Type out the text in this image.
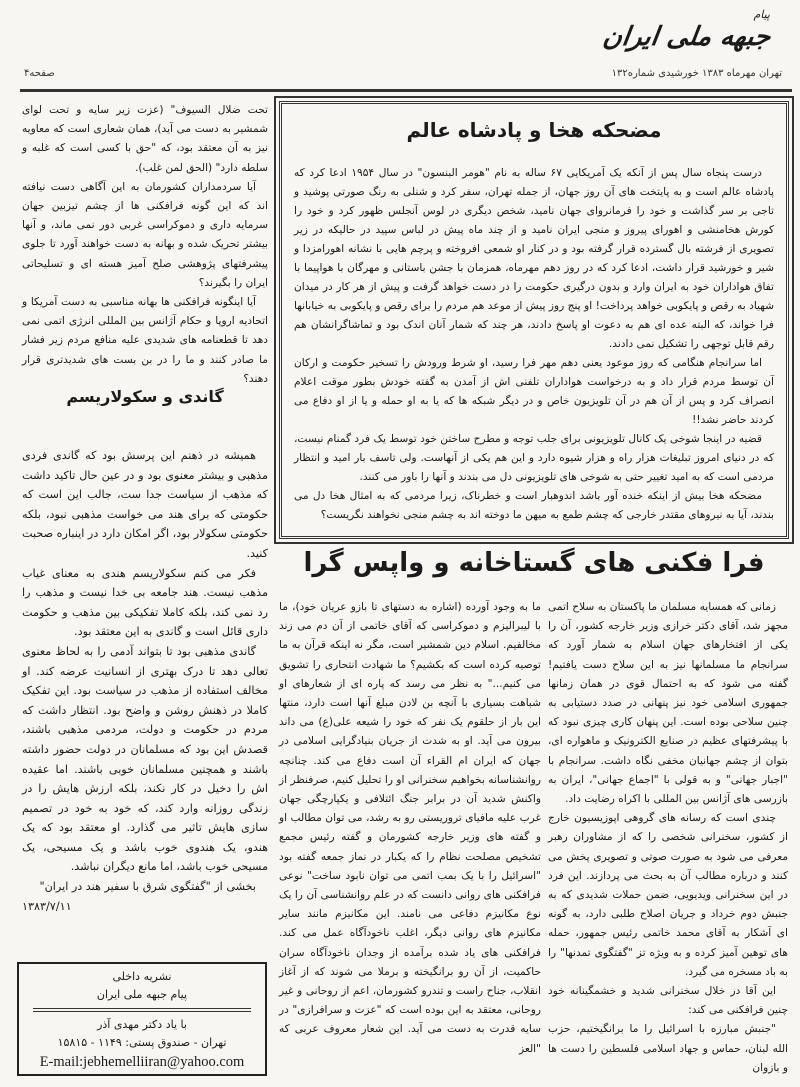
پیام
جبهه ملی ایران
تهران مهرماه ۱۳۸۳ خورشیدی شماره۱۳۲
صفحه۴
مضحکه هخا و پادشاه عالم

درست پنجاه سال پس از آنکه یک آمریکایی ۶۷ ساله به نام "هومر البنسون" در سال ۱۹۵۴ ادعا کرد که پادشاه عالم است و به پایتخت های آن روز جهان، از جمله تهران، سفر کرد و شنلی به رنگ صورتی پوشید و تاجی بر سر گذاشت و خود را فرمانروای جهان نامید، شخص دیگری در لوس آنجلس ظهور کرد و خود را کورش هخامنشی و اهورای پیروز و منجی ایران نامید و از چند ماه پیش در لباس سپید در حالیکه در زیر تصویری از فرشته بال گسترده قرار گرفته بود و در کنار او شمعی افروخته و پرچم هایی با نشانه اهورامزدا و شیر و خورشید قرار داشت، ادعا کرد که در روز دهم مهرماه، همزمان با جشن باستانی و مهرگان با هواپیما با تفاق هواداران خود به ایران وارد و بدون درگیری حکومت را در دست خواهد گرفت و پیش از هر کار در میدان شهیاد به رقص و پایکوبی خواهد پرداخت! او پنج روز پیش از موعد هم مردم را برای رقص و پایکوبی به خیابانها فرا خواند، که البته عده ای هم به دعوت او پاسخ دادند، هر چند که شمار آنان اندک بود و تماشاگرانشان هم رقم قابل توجهی را تشکیل نمی دادند.

اما سرانجام هنگامی که روز موعود یعنی دهم مهر فرا رسید، او شرط ورودش را تسخیر حکومت و ارکان آن توسط مردم قرار داد و به درخواست هواداران تلفنی اش از آمدن به گفته خودش بطور موقت اعلام انصراف کرد و پس از آن هم در آن تلویزیون خاص و در دیگر شبکه ها که یا به او حمله و یا از او دفاع می کردند حاضر نشد!!

قضیه در اینجا شوخی یک کانال تلویزیونی برای جلب توجه و مطرح ساختن خود توسط یک فرد گمنام نیست، که در دنیای امروز تبلیغات هزار راه و هزار شیوه دارد و این هم یکی از آنهاست. ولی تاسف بار امید و انتظار مردمی است که به امید تغییر حتی به شوخی های تلویزیونی دل می بندند و آنها را باور می کنند.

مضحکه هخا بیش از اینکه خنده آور باشد اندوهبار است و خطرناک، زیرا مردمی که به امثال هخا دل می بندند، آیا به نیروهای مقتدر خارجی که چشم طمع به میهن ما دوخته اند به چشم منجی نخواهند نگریست؟

فرا فکنی های گستاخانه و واپس گرا

زمانی که همسایه مسلمان ما پاکستان به سلاح اتمی مجهز شد، آقای دکتر خرازی وزیر خارجه کشور، آن را یکی از افتخارهای جهان اسلام به شمار آورد که سرانجام ما مسلمانها نیز به این سلاح دست یافتیم! گفته می شود که به احتمال قوی در همان زمانها جمهوری اسلامی خود نیز پنهانی در صدد دستیابی به چنین سلاحی بوده است. این پنهان کاری چیزی نبود که با پیشرفتهای عظیم در صنایع الکترونیک و ماهواره ای، بتوان از چشم جهانیان مخفی نگاه داشت. سرانجام با "اجبار جهانی" و به قولی با "اجماع جهانی"، ایران به بازرسی های آژانس بین المللی با اکراه رضایت داد.

چندی است که رسانه های گروهی اپوزیسیون خارج از کشور، سخنرانی شخصی را که از مشاوران رهبر معرفی می شود به صورت صوتی و تصویری پخش می کنند و درباره مطالب آن به بحث می پردازند. این فرد در این سخنرانی ویدیویی، ضمن حملات شدیدی که به جنبش دوم خرداد و جریان اصلاح طلبی دارد، به گونه ای آشکار به آقای محمد خاتمی رئیس جمهور، حمله های توهین آمیز کرده و به ویژه تز "گفتگوی تمدنها" را به باد مسخره می گیرد.

این آقا در خلال سخنرانی شدید و خشمگینانه خود چنین فرافکنی می کند:

"جنبش مبارزه با اسرائیل را ما برانگیختیم، حزب الله لبنان، حماس و جهاد اسلامی فلسطین را دست ها و بازوان

ما به وجود آورده (اشاره به دستهای تا بازو عریان خود)، ما با لیبرالیزم و دموکراسی که آقای خاتمی از آن دم می زند مخالفیم. اسلام دین شمشیر است، مگر نه اینکه قرآن به ما توصیه کرده است که بکشیم؟ ما شهادت انتحاری را تشویق می کنیم..." به نظر می رسد که پاره ای از شعارهای او شباهت بسیاری با آنچه بن لادن مبلغ آنها است دارد، منتها این بار از حلقوم یک نفر که خود را شیعه علی(ع) می داند بیرون می آید. او به شدت از جریان بنیادگرایی اسلامی در جهان که ایران ام القراء آن است دفاع می کند. چنانچه روانشناسانه بخواهیم سخنرانی او را تحلیل کنیم، صرفنظر از واکنش شدید آن در برابر جنگ ائتلافی و یکپارچگی جهان غرب علیه مافیای تروریستی رو به رشد، می توان مطالب او و گفته های وزیر خارجه کشورمان و گفته رئیس مجمع تشخیص مصلحت نظام را که یکبار در نماز جمعه گفته بود "اسرائیل را با یک بمب اتمی می توان نابود ساخت" نوعی فرافکنی های روانی دانست که در علم روانشناسی آن را یک نوع مکانیزم دفاعی می نامند. این مکانیزم مانند سایر مکانیزم های روانی دیگر، اغلب ناخودآگاه عمل می کند. فرافکنی های یاد شده برآمده از وجدان ناخودآگاه سران حاکمیت، از آن رو برانگیخته و برملا می شوند که از آغاز انقلاب، جناح راست و تندرو کشورمان، اعم از روحانی و غیر روحانی، معتقد به این بوده است که "عزت و سرافرازی" در سایه قدرت به دست می آید. این شعار معروف عربی که "العز

تحت ضلال السیوف" (عزت زیر سایه و تحت لوای شمشیر به دست می آید)، همان شعاری است که معاویه نیز به آن معتقد بود، که "حق با کسی است که غلبه و سلطه دارد" (الحق لمن غلب).

آیا سردمداران کشورمان به این آگاهی دست نیافته اند که این گونه فرافکنی ها از چشم تیزبین جهان سرمایه داری و دموکراسی غربی دور نمی ماند، و آنها بیشتر تحریک شده و بهانه به دست خواهند آورد تا جلوی پیشرفتهای پژوهشی صلح آمیز هسته ای و تسلیحاتی ایران را بگیرند؟

آیا اینگونه فرافکنی ها بهانه مناسبی به دست آمریکا و اتحادیه اروپا و حکام آژانس بین المللی انرژی اتمی نمی دهد تا قطعنامه های شدیدی علیه منافع مردم زیر فشار ما صادر کنند و ما را در بن بست های شدیدتری قرار دهند؟

گاندی و سکولاریسم

همیشه در ذهنم این پرسش بود که گاندی فردی مذهبی و بیشتر معنوی بود و در عین حال تاکید داشت که مذهب از سیاست جدا ست، جالب این است که حکومتی که برای هند می خواست مذهبی نبود، بلکه حکومتی سکولار بود، اگر امکان دارد در اینباره صحبت کنید.

فکر می کنم سکولاریسم هندی به معنای غیاب مذهب نیست. هند جامعه بی خدا نیست و مذهب را رد نمی کند، بلکه کاملا تفکیکی بین مذهب و حکومت داری قائل است و گاندی به این معتقد بود.

گاندی مذهبی بود تا بتواند آدمی را به لحاظ معنوی تعالی دهد تا درک بهتری از انسانیت عرضه کند. او مخالف استفاده از مذهب در سیاست بود. این تفکیک کاملا در ذهنش روشن و واضح بود. انتظار داشت که مردم در حکومت و دولت، مردمی مذهبی باشند، قصدش این بود که مسلمانان در دولت حضور داشته باشند و همچنین مسلمانان خوبی باشند. اما عقیده اش را دخیل در کار نکند، بلکه ارزش هایش را در زندگی روزانه وارد کند، که خود به خود در تصمیم سازی هایش تاثیر می گذارد. او معتقد بود که یک هندو، یک هندوی خوب باشد و یک مسیحی، یک مسیحی خوب باشد، اما مانع دیگران نباشد.

بخشی از "گفتگوی شرق با سفیر هند در ایران"

۱۳۸۳/۷/۱۱

نشریه داخلی
پیام جبهه ملی ایران
با یاد دکتر مهدی آذر
تهران - صندوق پستی: ۱۱۴۹ - ۱۵۸۱۵
E-mail:jebhemelliiran@yahoo.com
